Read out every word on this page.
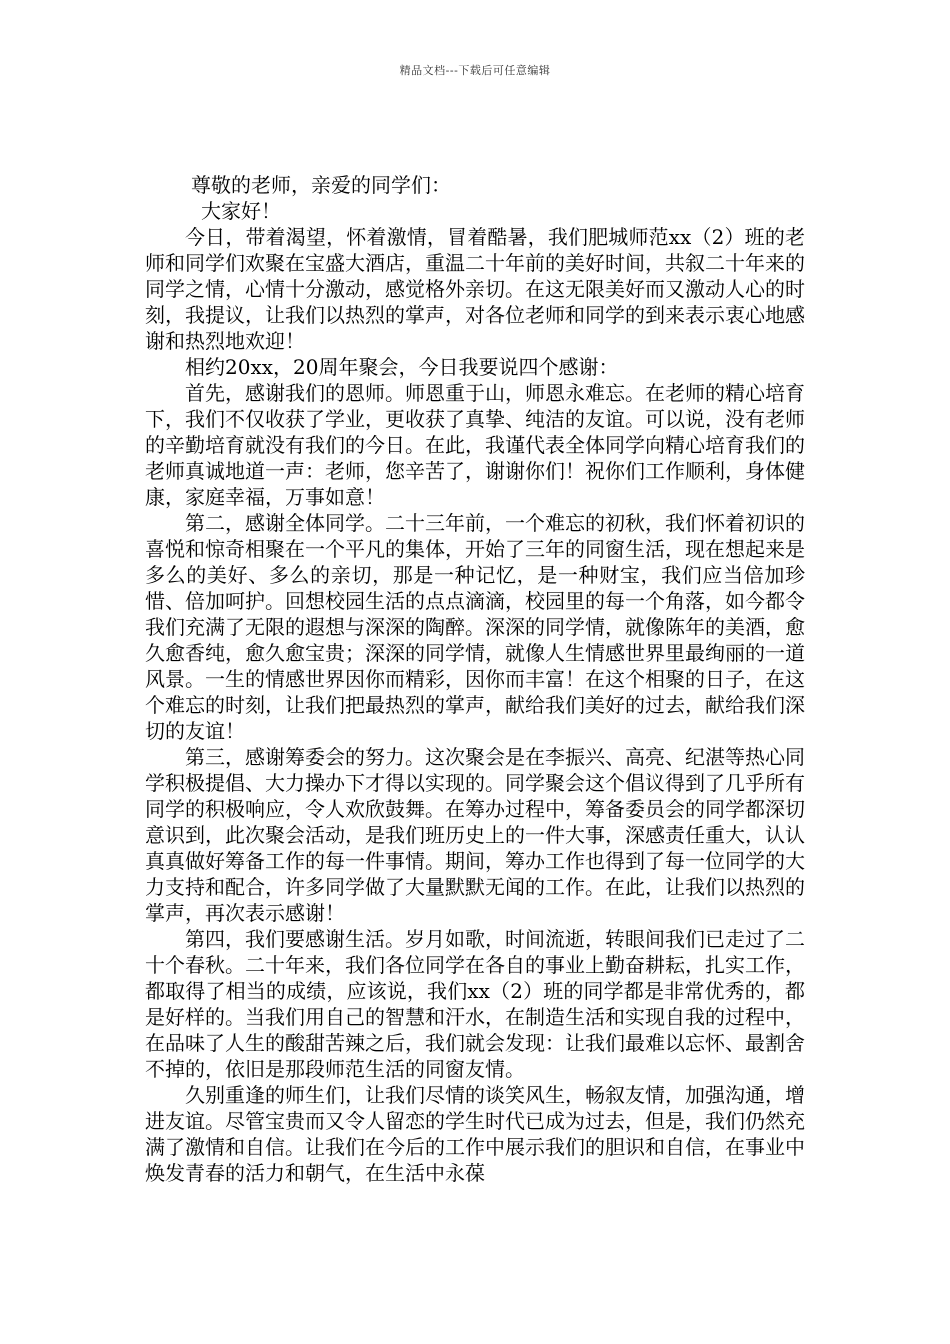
精品文档---下载后可任意编辑

尊敬的老师，亲爱的同学们：

大家好！

今日，带着渴望，怀着激情，冒着酷暑，我们肥城师范xx（2）班的老师和同学们欢聚在宝盛大酒店，重温二十年前的美好时间，共叙二十年来的同学之情，心情十分激动，感觉格外亲切。在这无限美好而又激动人心的时刻，我提议，让我们以热烈的掌声，对各位老师和同学的到来表示衷心地感谢和热烈地欢迎！

相约20xx，20周年聚会，今日我要说四个感谢：

首先，感谢我们的恩师。师恩重于山，师恩永难忘。在老师的精心培育下，我们不仅收获了学业，更收获了真挚、纯洁的友谊。可以说，没有老师的辛勤培育就没有我们的今日。在此，我谨代表全体同学向精心培育我们的老师真诚地道一声：老师，您辛苦了，谢谢你们！祝你们工作顺利，身体健康，家庭幸福，万事如意！

第二，感谢全体同学。二十三年前，一个难忘的初秋，我们怀着初识的喜悦和惊奇相聚在一个平凡的集体，开始了三年的同窗生活，现在想起来是多么的美好、多么的亲切，那是一种记忆，是一种财宝，我们应当倍加珍惜、倍加呵护。回想校园生活的点点滴滴，校园里的每一个角落，如今都令我们充满了无限的遐想与深深的陶醉。深深的同学情，就像陈年的美酒，愈久愈香纯，愈久愈宝贵；深深的同学情，就像人生情感世界里最绚丽的一道风景。一生的情感世界因你而精彩，因你而丰富！在这个相聚的日子，在这个难忘的时刻，让我们把最热烈的掌声，献给我们美好的过去，献给我们深切的友谊！

第三，感谢筹委会的努力。这次聚会是在李振兴、高亮、纪湛等热心同学积极提倡、大力操办下才得以实现的。同学聚会这个倡议得到了几乎所有同学的积极响应，令人欢欣鼓舞。在筹办过程中，筹备委员会的同学都深切意识到，此次聚会活动，是我们班历史上的一件大事，深感责任重大，认认真真做好筹备工作的每一件事情。期间，筹办工作也得到了每一位同学的大力支持和配合，许多同学做了大量默默无闻的工作。在此，让我们以热烈的掌声，再次表示感谢！

第四，我们要感谢生活。岁月如歌，时间流逝，转眼间我们已走过了二十个春秋。二十年来，我们各位同学在各自的事业上勤奋耕耘，扎实工作，都取得了相当的成绩，应该说，我们xx（2）班的同学都是非常优秀的，都是好样的。当我们用自己的智慧和汗水，在制造生活和实现自我的过程中，在品味了人生的酸甜苦辣之后，我们就会发现：让我们最难以忘怀、最割舍不掉的，依旧是那段师范生活的同窗友情。

久别重逢的师生们，让我们尽情的谈笑风生，畅叙友情，加强沟通，增进友谊。尽管宝贵而又令人留恋的学生时代已成为过去，但是，我们仍然充满了激情和自信。让我们在今后的工作中展示我们的胆识和自信，在事业中焕发青春的活力和朝气，在生活中永葆
